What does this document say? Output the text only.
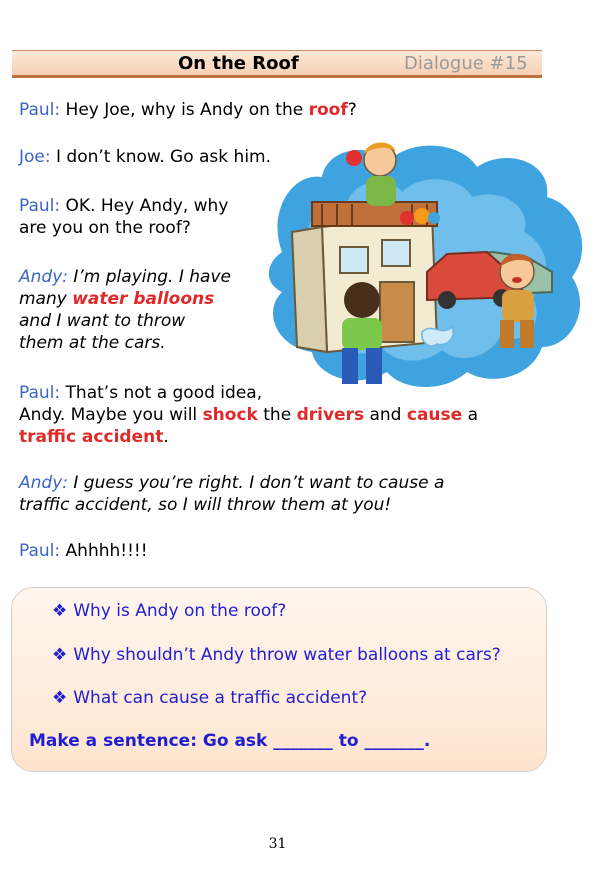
On the Roof	Dialogue #15
Paul: Hey Joe, why is Andy on the roof?
Joe: I don’t know. Go ask him.
Paul: OK. Hey Andy, why
are you on the roof?
Andy: I’m playing. I have
many water balloons
and I want to throw
them at the cars.
Paul: That’s not a good idea,
Andy. Maybe you will shock the drivers and cause a
traffic accident.
Andy: I guess you’re right. I don’t want to cause a
traffic accident, so I will throw them at you!
Paul: Ahhhh!!!!
❖ Why is Andy on the roof?
❖ Why shouldn’t Andy throw water balloons at cars?
❖ What can cause a traffic accident?
Make a sentence: Go ask _______ to _______.
31
